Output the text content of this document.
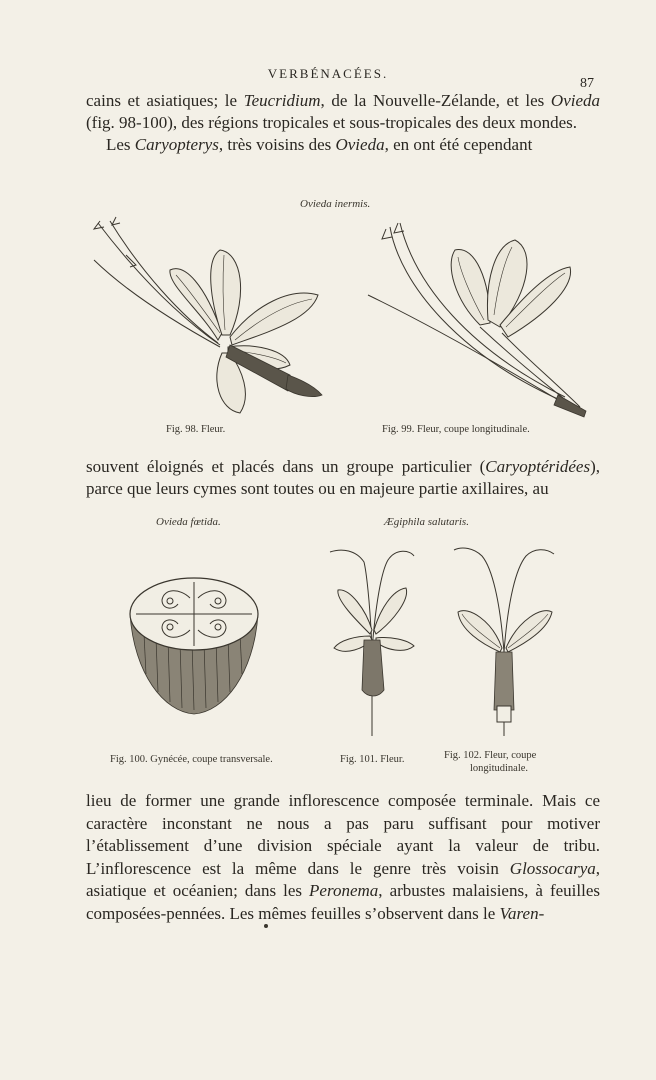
VERBÉNACÉES.
87

cains et asiatiques; le Teucridium, de la Nouvelle-Zélande, et les Ovieda (fig. 98-100), des régions tropicales et sous-tropicales des deux mondes.
Les Caryopterys, très voisins des Ovieda, en ont été cependant

Ovieda inermis.
Fig. 98. Fleur.	Fig. 99. Fleur, coupe longitudinale.

souvent éloignés et placés dans un groupe particulier (Caryoptéridées), parce que leurs cymes sont toutes ou en majeure partie axillaires, au

Ovieda fœtida.	Ægiphila salutaris.
Fig. 100. Gynécée, coupe transversale.	Fig. 101. Fleur.	Fig. 102. Fleur, coupe
longitudinale.

lieu de former une grande inflorescence composée terminale. Mais ce caractère inconstant ne nous a pas paru suffisant pour motiver l’établissement d’une division spéciale ayant la valeur de tribu. L’inflorescence est la même dans le genre très voisin Glossocarya, asiatique et océanien; dans les Peronema, arbustes malaisiens, à feuilles composées-pennées. Les mêmes feuilles s’observent dans le Varen-
